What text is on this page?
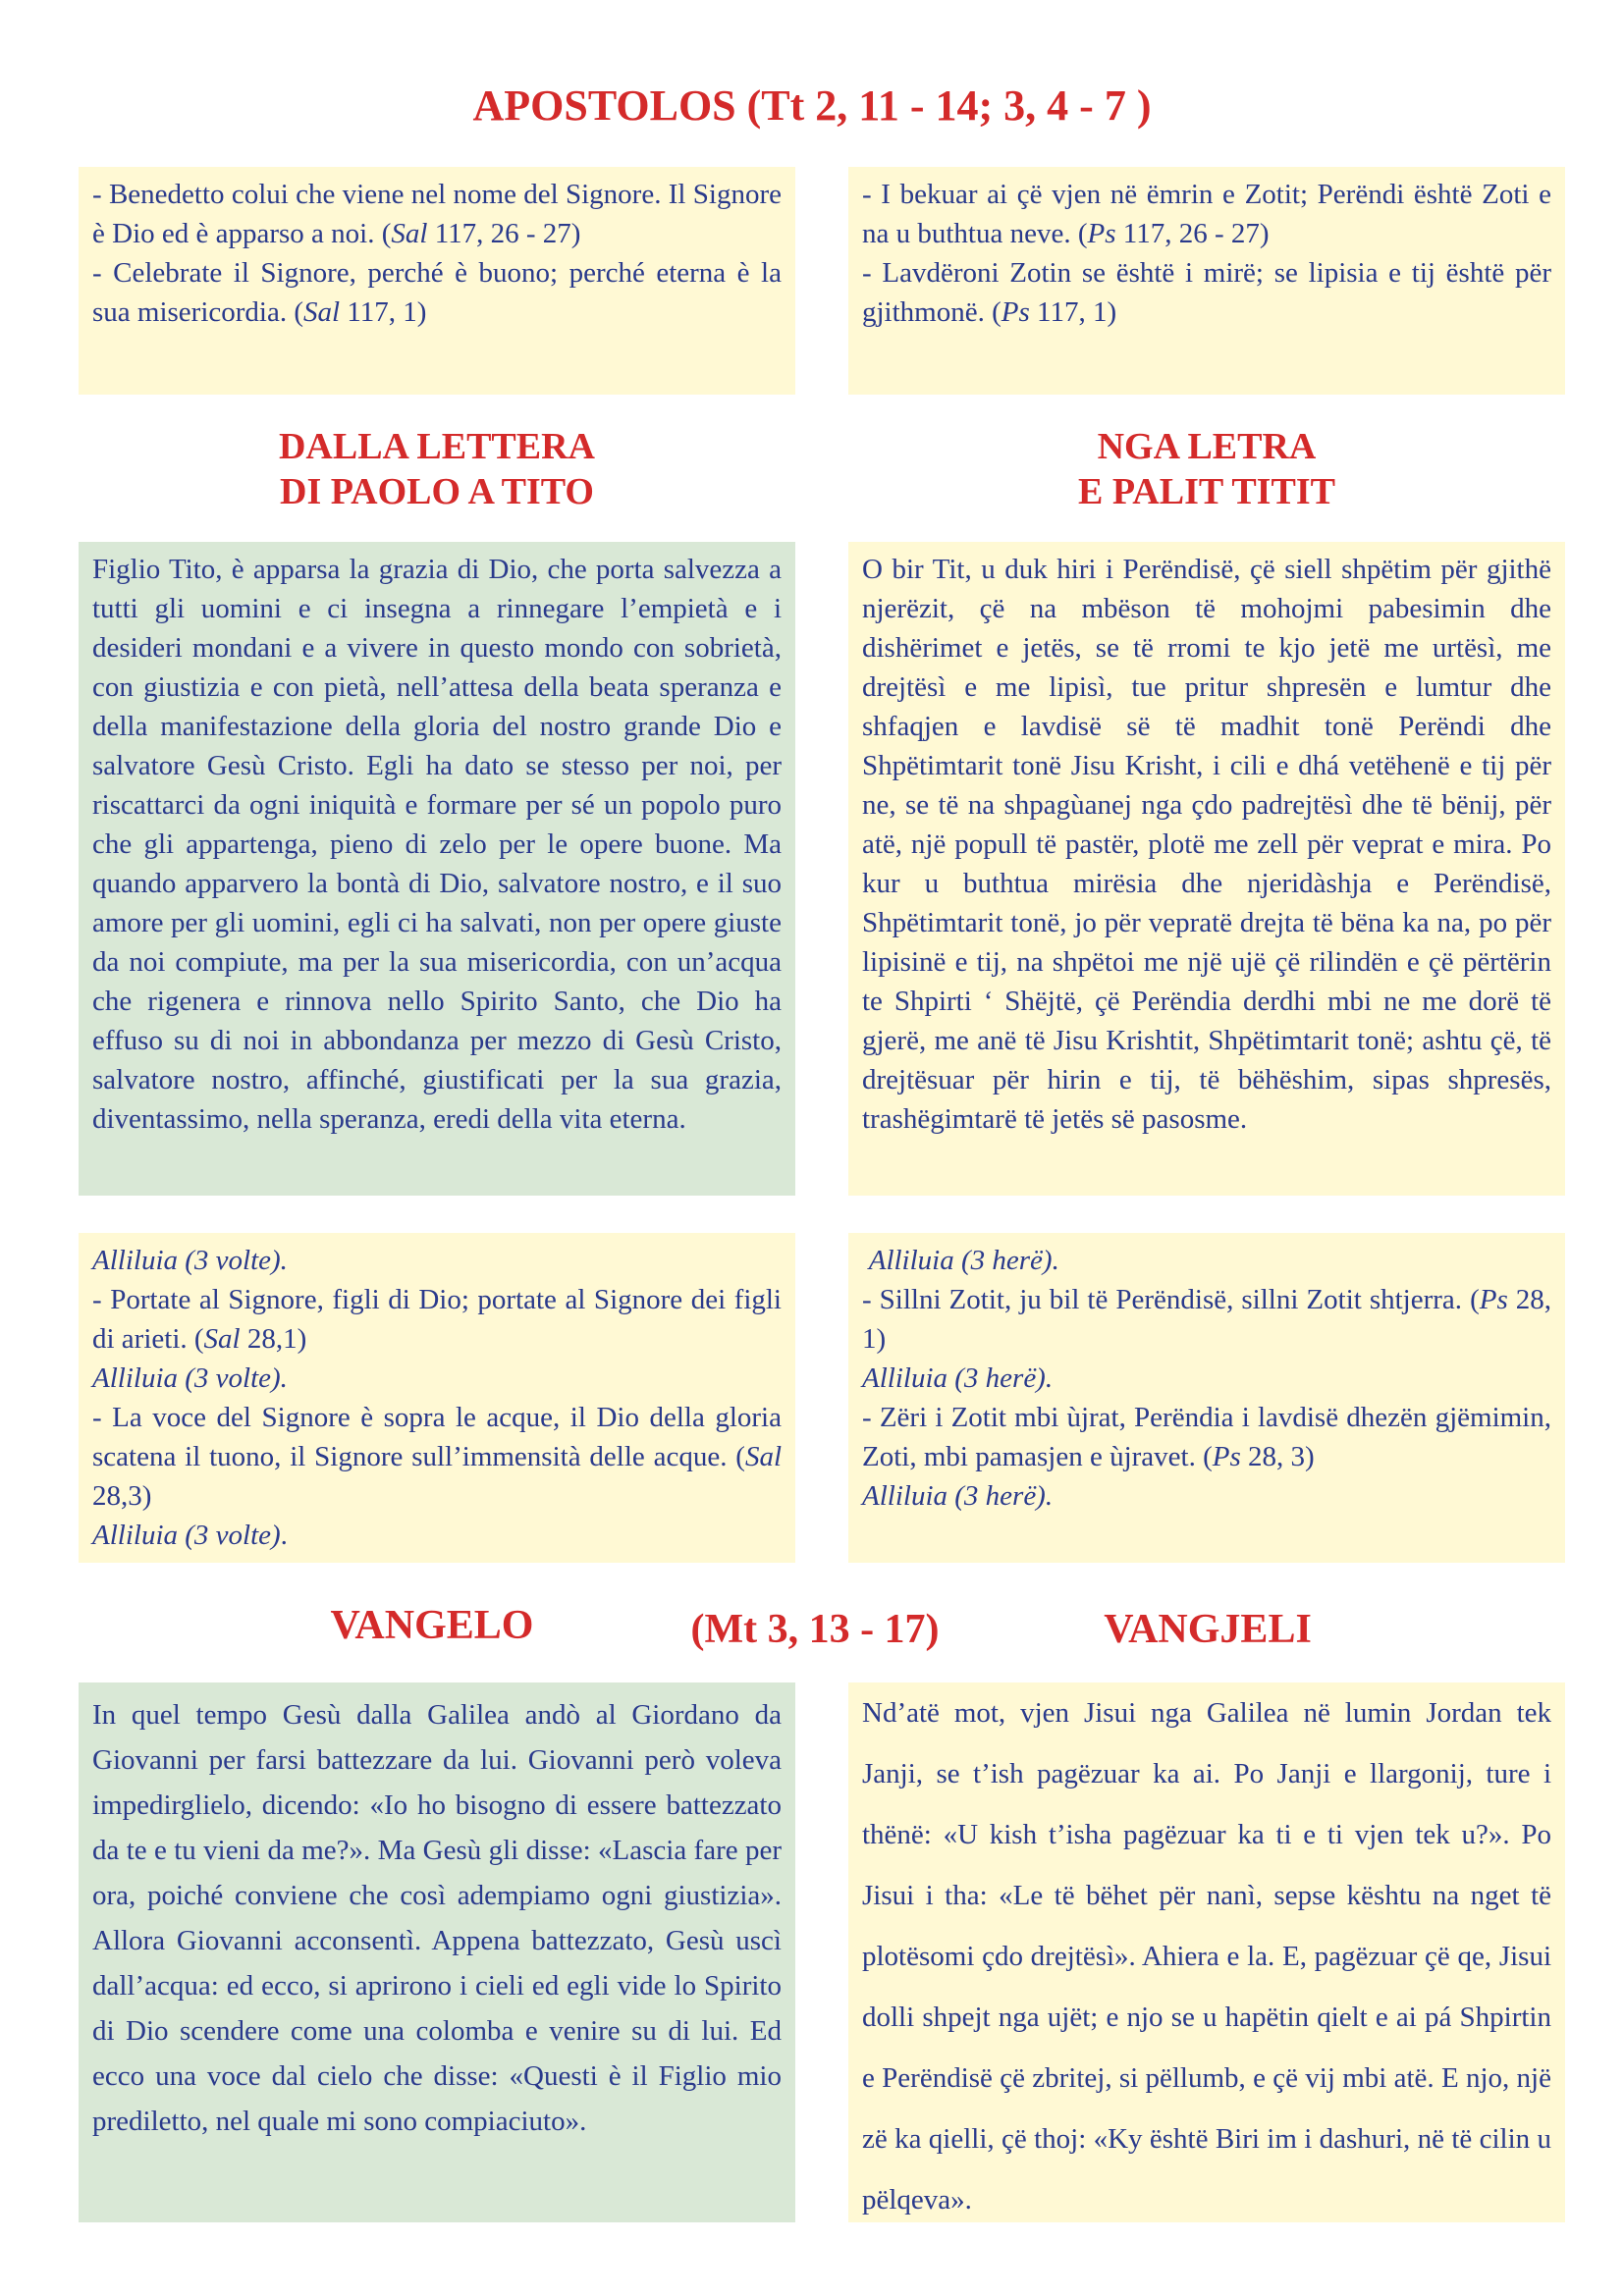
APOSTOLOS (Tt 2, 11 - 14; 3, 4 - 7 )

- Benedetto colui che viene nel nome del Signore. Il Signore è Dio ed è apparso a noi. (Sal 117, 26 - 27)

- Celebrate il Signore, perché è buono; perché eterna è la sua misericordia. (Sal 117, 1)

- I bekuar ai çë vjen në ëmrin e Zotit; Perëndi është Zoti e na u buthtua neve. (Ps 117, 26 - 27)

- Lavdëroni Zotin se është i mirë; se lipisia e tij është për gjithmonë. (Ps 117, 1)

DALLA LETTERA
DI PAOLO A TITO
NGA LETRA
E PALIT TITIT

Figlio Tito, è apparsa la grazia di Dio, che porta salvezza a tutti gli uomini e ci insegna a rinnegare l’empietà e i desideri mondani e a vivere in questo mondo con sobrietà, con giustizia e con pietà, nell’attesa della beata speranza e della manifestazione della gloria del nostro grande Dio e salvatore Gesù Cristo. Egli ha dato se stesso per noi, per riscattarci da ogni iniquità e formare per sé un popolo puro che gli appartenga, pieno di zelo per le opere buone. Ma quando apparvero la bontà di Dio, salvatore nostro, e il suo amore per gli uomini, egli ci ha salvati, non per opere giuste da noi compiute, ma per la sua misericordia, con un’acqua che rigenera e rinnova nello Spirito Santo, che Dio ha effuso su di noi in abbondanza per mezzo di Gesù Cristo, salvatore nostro, affinché, giustificati per la sua grazia, diventassimo, nella speranza, eredi della vita eterna.

O bir Tit, u duk hiri i Perëndisë, çë siell shpëtim për gjithë njerëzit, çë na mbëson të mohojmi pabesimin dhe dishërimet e jetës, se të rromi te kjo jetë me urtësì, me drejtësì e me lipisì, tue pritur shpresën e lumtur dhe shfaqjen e lavdisë së të madhit tonë Perëndi dhe Shpëtimtarit tonë Jisu Krisht, i cili e dhá vetëhenë e tij për ne, se të na shpagùanej nga çdo padrejtësì dhe të bënij, për atë, një popull të pastër, plotë me zell për veprat e mira. Po kur u buthtua mirësia dhe njeridàshja e Perëndisë, Shpëtimtarit tonë, jo për vepratë drejta të bëna ka na, po për lipisinë e tij, na shpëtoi me një ujë çë rilindën e çë përtërin te Shpirti ‘ Shëjtë, çë Perëndia derdhi mbi ne me dorë të gjerë, me anë të Jisu Krishtit, Shpëtimtarit tonë; ashtu çë, të drejtësuar për hirin e tij, të bëhëshim, sipas shpresës, trashëgimtarë të jetës së pasosme.

Alliluia (3 volte).

- Portate al Signore, figli di Dio; portate al Signore dei figli di arieti. (Sal 28,1)

Alliluia (3 volte).

- La voce del Signore è sopra le acque, il Dio della gloria scatena il tuono, il Signore sull’immensità delle acque. (Sal 28,3)

Alliluia (3 volte).

Alliluia (3 herë).

- Sillni Zotit, ju bil të Perëndisë, sillni Zotit shtjerra. (Ps 28, 1)

Alliluia (3 herë).

- Zëri i Zotit mbi ùjrat, Perëndia i lavdisë dhezën gjëmimin, Zoti, mbi pamasjen e ùjravet. (Ps 28, 3)

Alliluia (3 herë).

VANGELO	(Mt 3, 13 - 17)	VANGJELI

In quel tempo Gesù dalla Galilea andò al Giordano da Giovanni per farsi battezzare da lui. Giovanni però voleva impedirglielo, dicendo: «Io ho bisogno di essere battezzato da te e tu vieni da me?». Ma Gesù gli disse: «Lascia fare per ora, poiché conviene che così adempiamo ogni giustizia». Allora Giovanni acconsentì. Appena battezzato, Gesù uscì dall’acqua: ed ecco, si aprirono i cieli ed egli vide lo Spirito di Dio scendere come una colomba e venire su di lui. Ed ecco una voce dal cielo che disse: «Questi è il Figlio mio prediletto, nel quale mi sono compiaciuto».

Nd’atë mot, vjen Jisui nga Galilea në lumin Jordan tek Janji, se t’ish pagëzuar ka ai. Po Janji e llargonij, ture i thënë: «U kish t’isha pagëzuar ka ti e ti vjen tek u?». Po Jisui i tha: «Le të bëhet për nanì, sepse kështu na nget të plotësomi çdo drejtësì». Ahiera e la. E, pagëzuar çë qe, Jisui dolli shpejt nga ujët; e njo se u hapëtin qielt e ai pá Shpirtin e Perëndisë çë zbritej, si pëllumb, e çë vij mbi atë. E njo, një zë ka qielli, çë thoj: «Ky është Biri im i dashuri, në të cilin u pëlqeva».
